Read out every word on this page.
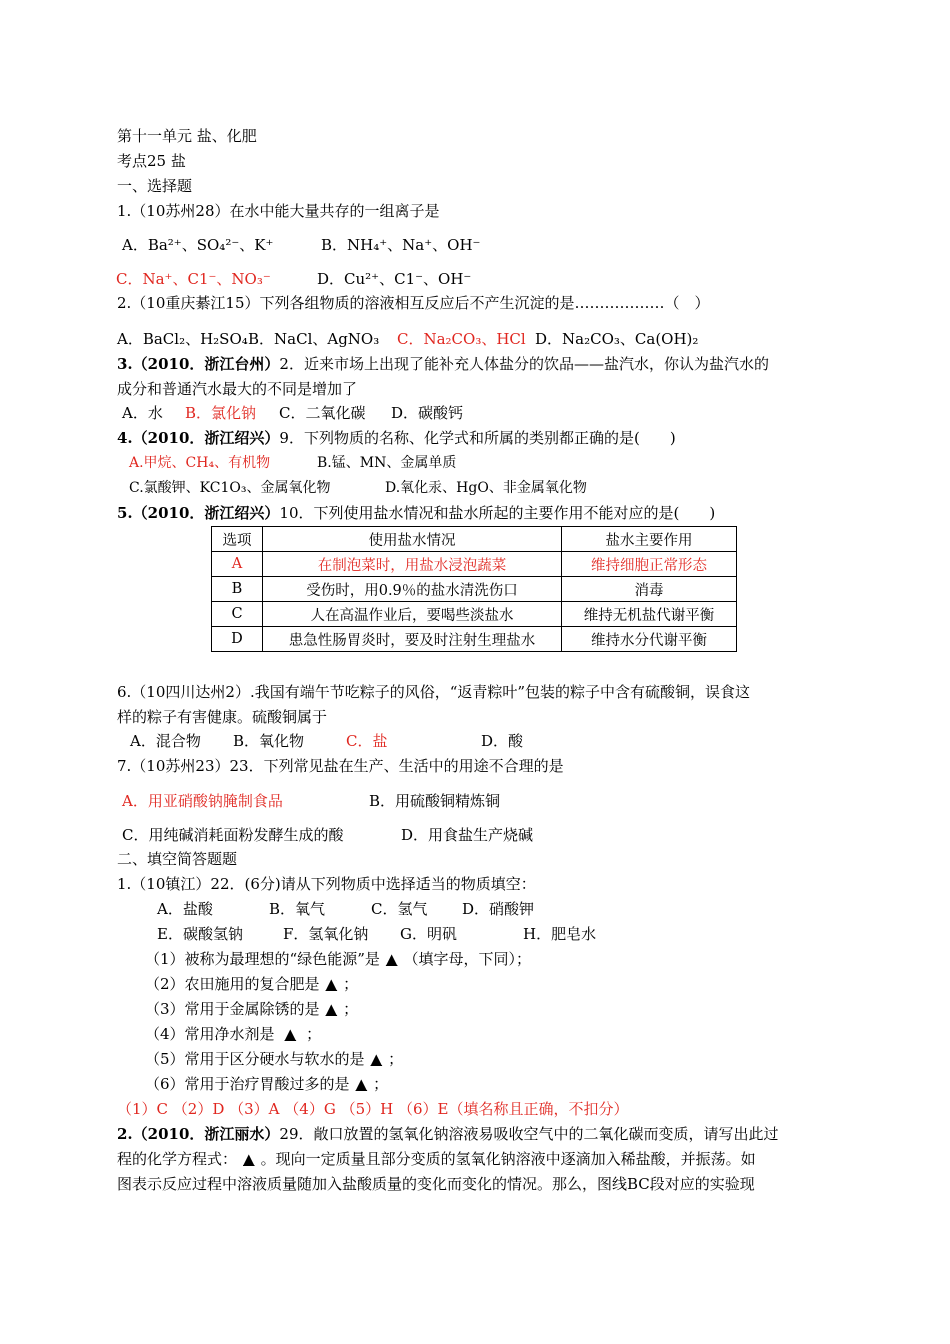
第十一单元 盐、化肥
考点25 盐
一、选择题
1.（10苏州28）在水中能大量共存的一组离子是
A．Ba²⁺、SO₄²⁻、K⁺	B．NH₄⁺、Na⁺、OH⁻
C．Na⁺、C1⁻、NO₃⁻	D．Cu²⁺、C1⁻、OH⁻
2.（10重庆綦江15）下列各组物质的溶液相互反应后不产生沉淀的是………………（　）
A．BaCl₂、H₂SO₄ B．NaCl、AgNO₃ C．Na₂CO₃、HCl D．Na₂CO₃、Ca(OH)₂
3.（2010．浙江台州）2．近来市场上出现了能补充人体盐分的饮品——盐汽水，你认为盐汽水的
成分和普通汽水最大的不同是增加了
A．水 B．氯化钠 C．二氧化碳 D．碳酸钙
4.（2010．浙江绍兴）9．下列物质的名称、化学式和所属的类别都正确的是(　　)
A.甲烷、CH₄、有机物	B.锰、MN、金属单质
C.氯酸钾、KC1O₃、金属氧化物	D.氧化汞、HgO、非金属氧化物
5.（2010．浙江绍兴）10．下列使用盐水情况和盐水所起的主要作用不能对应的是(　　)
选项	使用盐水情况	盐水主要作用
A	在制泡菜时，用盐水浸泡蔬菜	维持细胞正常形态
B	受伤时，用0.9％的盐水清洗伤口	消毒
C	人在高温作业后，要喝些淡盐水	维持无机盐代谢平衡
D	患急性肠胃炎时，要及时注射生理盐水	维持水分代谢平衡
6.（10四川达州2）.我国有端午节吃粽子的风俗，“返青粽叶”包装的粽子中含有硫酸铜，误食这
样的粽子有害健康。硫酸铜属于
A．混合物 B．氧化物	C．盐	D．酸
7.（10苏州23）23．下列常见盐在生产、生活中的用途不合理的是
A．用亚硝酸钠腌制食品	B．用硫酸铜精炼铜
C．用纯碱消耗面粉发酵生成的酸	D．用食盐生产烧碱
二、填空简答题题
1.（10镇江）22．(6分)请从下列物质中选择适当的物质填空：
A．盐酸	B．氧气	C．氢气 D．硝酸钾
E．碳酸氢钠	F．氢氧化钠 G．明矾	H．肥皂水
（1）被称为最理想的“绿色能源”是 ▲ （填字母，下同）；
（2）农田施用的复合肥是 ▲ ；
（3）常用于金属除锈的是 ▲ ；
（4）常用净水剂是 ▲ ；
（5）常用于区分硬水与软水的是 ▲ ；
（6）常用于治疗胃酸过多的是 ▲ ；
（1）C （2）D （3）A （4）G （5）H （6）E（填名称且正确，不扣分）
2.（2010．浙江丽水）29．敞口放置的氢氧化钠溶液易吸收空气中的二氧化碳而变质，请写出此过
程的化学方程式： ▲ 。现向一定质量且部分变质的氢氧化钠溶液中逐滴加入稀盐酸，并振荡。如
图表示反应过程中溶液质量随加入盐酸质量的变化而变化的情况。那么，图线BC段对应的实验现
